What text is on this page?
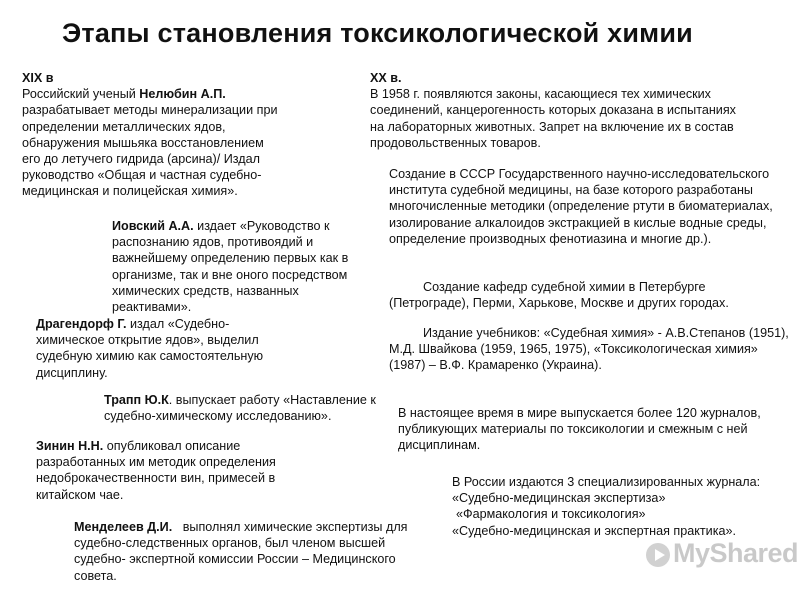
Этапы становления токсикологической химии
XIX в
Российский ученый Нелюбин А.П. разрабатывает методы минерализации при определении металлических ядов, обнаружения мышьяка восстановлением его до летучего гидрида (арсина)/ Издал руководство «Общая и частная судебно-медицинская и полицейская химия».
Иовский А.А. издает «Руководство к распознанию ядов, противоядий и важнейшему определению первых как в организме, так и вне оного посредством химических средств, названных реактивами».
Драгендорф Г. издал «Судебно-химическое открытие ядов», выделил судебную химию как самостоятельную дисциплину.
Трапп Ю.К. выпускает работу «Наставление к судебно-химическому исследованию».
Зинин Н.Н. опубликовал описание разработанных им методик определения недоброкачественности вин, примесей в китайском чае.
Менделеев Д.И. выполнял химические экспертизы для судебно-следственных органов, был членом высшей судебно- экспертной комиссии России – Медицинского совета.
XX в.
В 1958 г. появляются законы, касающиеся тех химических соединений, канцерогенность которых доказана в испытаниях на лабораторных животных. Запрет на включение их в состав продовольственных товаров.
Создание в СССР Государственного научно-исследовательского института судебной медицины, на базе которого разработаны многочисленные методики (определение ртути в биоматериалах, изолирование алкалоидов экстракцией в кислые водные среды, определение производных фенотиазина и многие др.).
Создание кафедр судебной химии в Петербурге (Петрограде), Перми, Харькове, Москве и других городах.
Издание учебников: «Судебная химия» - А.В.Степанов (1951), М.Д. Швайкова (1959, 1965, 1975), «Токсикологическая химия» (1987) – В.Ф. Крамаренко (Украина).
В настоящее время в мире выпускается более 120 журналов, публикующих материалы по токсикологии и смежным с ней дисциплинам.
В России издаются 3 специализированных журнала:
«Судебно-медицинская экспертиза»
«Фармакология и токсикология»
«Судебно-медицинская и экспертная практика».
MyShared
